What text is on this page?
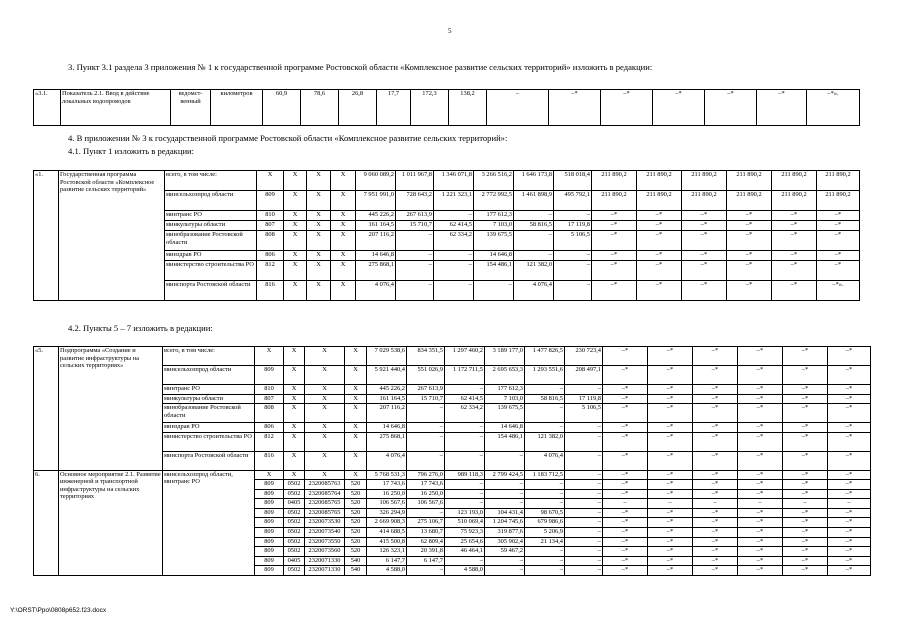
5
3. Пункт 3.1 раздела 3 приложения № 1 к государственной программе Ростовской области «Комплексное развитие сельских территорий» изложить в редакции:
«3.1.	Показатель 2.1. Ввод в действие локальных водопроводов	ведомст-венный	километров	60,9	78,6	26,8	17,7	172,3	138,2	–	–*	–*	–*	–*	–*	–*».
4. В приложении № 3 к государственной программе Ростовской области «Комплексное развитие сельских территорий»:
4.1. Пункт 1 изложить в редакции:
«1.	Государственная программа Ростовской области «Комплексное развитие сельских территорий»	всего, в том числе:	X	X	X	X	9 060 089,2	1 011 967,8	1 346 071,8	3 266 516,2	1 646 173,8	518 018,4	211 890,2	211 890,2	211 890,2	211 890,2	211 890,2	211 890,2
		минсельхозпрод области	809	X	X	X	7 951 991,0	728 643,2	1 221 323,1	2 772 992,5	1 461 898,9	495 792,1	211 890,2	211 890,2	211 890,2	211 890,2	211 890,2	211 890,2
		минтранс РО	810	X	X	X	445 226,2	267 613,9	–	177 612,3	–	–	–*	–*	–*	–*	–*	–*
		минкультуры области	807	X	X	X	161 164,5	15 710,7	62 414,5	7 103,0	58 816,5	17 119,8	–*	–*	–*	–*	–*	–*
		минобразование Ростовской области	808	X	X	X	207 116,2	–	62 334,2	139 675,5	–	5 106,5	–*	–*	–*	–*	–*	–*
		минздрав РО	806	X	X	X	14 646,8	–	–	14 646,8	–	–	–*	–*	–*	–*	–*	–*
		министерство строительства РО	812	X	X	X	275 868,1	–	–	154 486,1	121 382,0	–	–*	–*	–*	–*	–*	–*
		минспорта Ростовской области	816	X	X	X	4 076,4	–	–	–	4 076,4	–	–*	–*	–*	–*	–*	–*».
4.2. Пункты 5 – 7 изложить в редакции:
«5.	Подпрограмма «Создание и развитие инфраструктуры на сельских территориях»	всего, в том числе:	X	X	X	X	7 029 538,6	834 351,5	1 297 460,2	3 189 177,0	1 477 826,5	230 723,4	–*	–*	–*	–*	–*	–*
		минсельхозпрод области	809	X	X	X	5 921 440,4	551 026,9	1 172 711,5	2 695 653,3	1 293 551,6	208 497,1	–*	–*	–*	–*	–*	–*
		минтранс РО	810	X	X	X	445 226,2	267 613,9	–	177 612,3	–	–	–*	–*	–*	–*	–*	–*
		минкультуры области	807	X	X	X	161 164,5	15 710,7	62 414,5	7 103,0	58 816,5	17 119,8	–*	–*	–*	–*	–*	–*
		минобразование Ростовской области	808	X	X	X	207 116,2	–	62 334,2	139 675,5	–	5 106,5	–*	–*	–*	–*	–*	–*
		минздрав РО	806	X	X	X	14 646,8	–	–	14 646,8	–	–	–*	–*	–*	–*	–*	–*
		министерство строительства РО	812	X	X	X	275 868,1	–	–	154 486,1	121 382,0	–	–*	–*	–*	–*	–*	–*
		минспорта Ростовской области	816	X	X	X	4 076,4	–	–	–	4 076,4	–	–*	–*	–*	–*	–*	–*
6.	Основное мероприятие 2.1. Развитие инженерной и транспортной инфраструктуры на сельских территориях	минсельхозпрод области, минтранс РО	X	X	X	X	5 768 531,3	796 276,0	989 118,3	2 799 424,5	1 183 712,5	–	–*	–*	–*	–*	–*	–*
			809	0502	2320085763	520	17 743,6	17 743,6	–	–	–	–	–*	–*	–*	–*	–*	–*
			809	0502	2320085764	520	16 250,0	16 250,0	–	–	–	–	–*	–*	–*	–*	–*	–*
			809	0405	2320085765	520	106 567,6	106 567,6	–	–	–	–	–	–	–	–	–	–
			809	0502	2320085765	520	326 294,9	–	123 193,0	104 431,4	98 670,5	–	–*	–*	–*	–*	–*	–*
			809	0502	23200735З0	520	2 669 908,3	275 106,7	510 069,4	1 204 745,6	679 986,6	–	–*	–*	–*	–*	–*	–*
			809	0502	2320073540	520	414 688,5	13 680,7	75 923,3	319 877,6	5 206,9	–	–*	–*	–*	–*	–*	–*
			809	0502	2320073550	520	415 500,8	62 809,4	25 654,6	305 902,4	21 134,4	–	–*	–*	–*	–*	–*	–*
			809	0502	2320073560	520	126 323,1	20 391,8	46 464,1	59 467,2	–	–	–*	–*	–*	–*	–*	–*
			809	0405	2320071330	540	6 147,7	6 147,7	–	–	–	–	–*	–*	–*	–*	–*	–*
			809	0502	2320071330	540	4 588,0	–	4 588,0	–	–	–	–*	–*	–*	–*	–*	–*
Y:\ORST\Ppo\0808p652.f23.docx
